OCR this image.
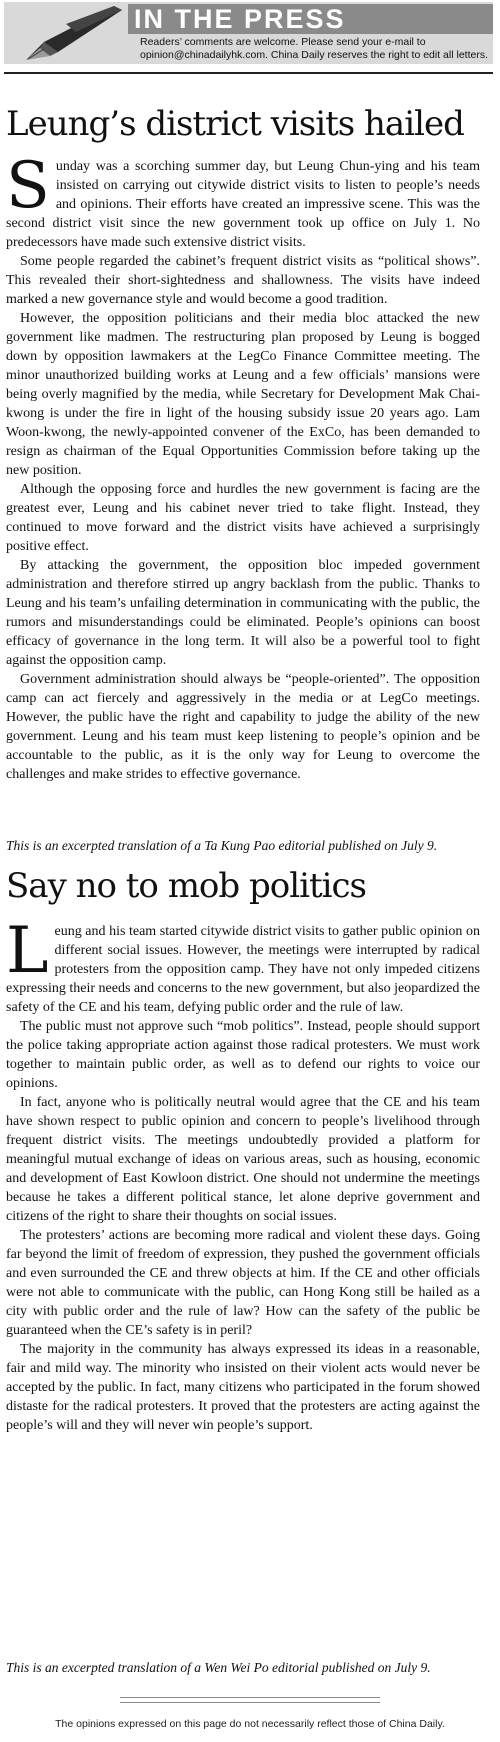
IN THE PRESS
Readers’ comments are welcome. Please send your e-mail to opinion@chinadailyhk.com. China Daily reserves the right to edit all letters.
Leung’s district visits hailed

Sunday was a scorching summer day, but Leung Chun-ying and his team insisted on carrying out citywide district visits to listen to people’s needs and opinions. Their efforts have created an impressive scene. This was the second district visit since the new government took up office on July 1. No predecessors have made such extensive district visits.

Some people regarded the cabinet’s frequent district visits as “political shows”. This revealed their short-sightedness and shallowness. The visits have indeed marked a new governance style and would become a good tradition.

However, the opposition politicians and their media bloc attacked the new government like madmen. The restructuring plan proposed by Leung is bogged down by opposition lawmakers at the LegCo Finance Committee meeting. The minor unauthorized building works at Leung and a few officials’ mansions were being overly magnified by the media, while Secretary for Development Mak Chai-kwong is under the fire in light of the housing subsidy issue 20 years ago. Lam Woon-kwong, the newly-appointed convener of the ExCo, has been demanded to resign as chairman of the Equal Opportunities Commission before taking up the new position.

Although the opposing force and hurdles the new government is facing are the greatest ever, Leung and his cabinet never tried to take flight. Instead, they continued to move forward and the district visits have achieved a surprisingly positive effect.

By attacking the government, the opposition bloc impeded government administration and therefore stirred up angry backlash from the public. Thanks to Leung and his team’s unfailing determination in communicating with the public, the rumors and misunderstandings could be eliminated. People’s opinions can boost efficacy of governance in the long term. It will also be a powerful tool to fight against the opposition camp.

Government administration should always be “people-oriented”. The opposition camp can act fiercely and aggressively in the media or at LegCo meetings. However, the public have the right and capability to judge the ability of the new government. Leung and his team must keep listening to people’s opinion and be accountable to the public, as it is the only way for Leung to overcome the challenges and make strides to effective governance.

This is an excerpted translation of a Ta Kung Pao editorial published on July 9.
Say no to mob politics

Leung and his team started citywide district visits to gather public opinion on different social issues. However, the meetings were interrupted by radical protesters from the opposition camp. They have not only impeded citizens expressing their needs and concerns to the new government, but also jeopardized the safety of the CE and his team, defying public order and the rule of law.

The public must not approve such “mob politics”. Instead, people should support the police taking appropriate action against those radical protesters. We must work together to maintain public order, as well as to defend our rights to voice our opinions.

In fact, anyone who is politically neutral would agree that the CE and his team have shown respect to public opinion and concern to people’s livelihood through frequent district visits. The meetings undoubtedly provided a platform for meaningful mutual exchange of ideas on various areas, such as housing, economic and development of East Kowloon district. One should not undermine the meetings because he takes a different political stance, let alone deprive government and citizens of the right to share their thoughts on social issues.

The protesters’ actions are becoming more radical and violent these days. Going far beyond the limit of freedom of expression, they pushed the government officials and even surrounded the CE and threw objects at him. If the CE and other officials were not able to communicate with the public, can Hong Kong still be hailed as a city with public order and the rule of law? How can the safety of the public be guaranteed when the CE’s safety is in peril?

The majority in the community has always expressed its ideas in a reasonable, fair and mild way. The minority who insisted on their violent acts would never be accepted by the public. In fact, many citizens who participated in the forum showed distaste for the radical protesters. It proved that the protesters are acting against the people’s will and they will never win people’s support.

This is an excerpted translation of a Wen Wei Po editorial published on July 9.
The opinions expressed on this page do not necessarily reflect those of China Daily.
